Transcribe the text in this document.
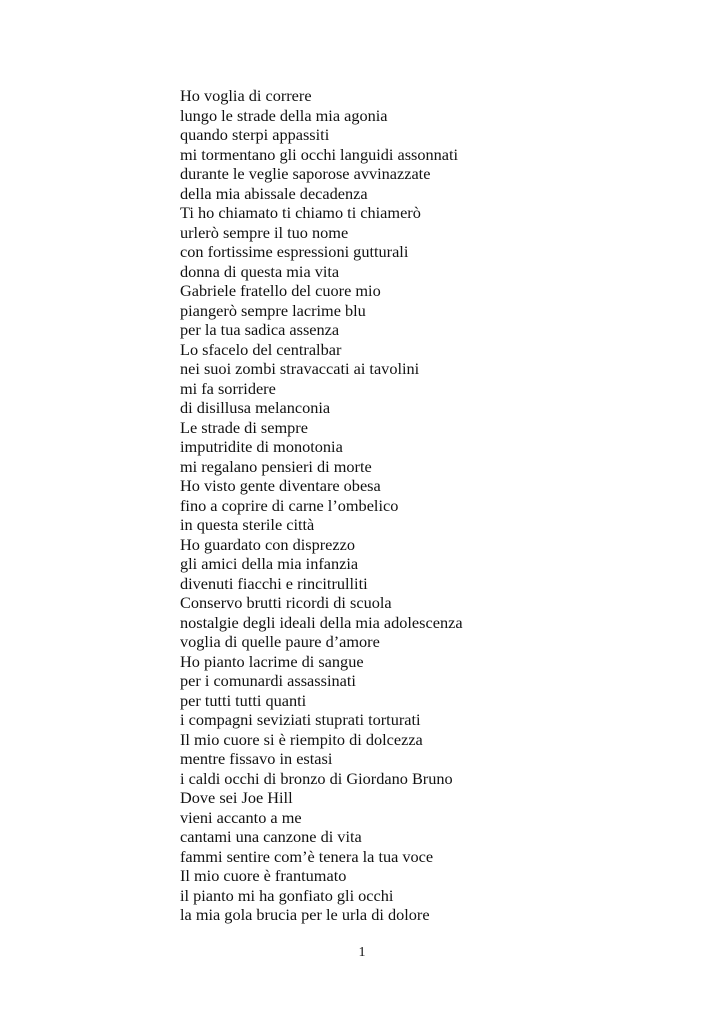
Ho voglia di correre
lungo le strade della mia agonia
quando sterpi appassiti
mi tormentano gli occhi languidi assonnati
durante le veglie saporose avvinazzate
della mia abissale decadenza
Ti ho chiamato ti chiamo ti chiamerò
urlerò sempre il tuo nome
con fortissime espressioni gutturali
donna di questa mia vita
Gabriele fratello del cuore mio
piangerò sempre lacrime blu
per la tua sadica assenza
Lo sfacelo del centralbar
nei suoi zombi stravaccati ai tavolini
mi fa sorridere
di disillusa melanconia
Le strade di sempre
imputridite di monotonia
mi regalano pensieri di morte
Ho visto gente diventare obesa
fino a coprire di carne l’ombelico
in questa sterile città
Ho guardato con disprezzo
gli amici della mia infanzia
divenuti fiacchi e rincitrulliti
Conservo brutti ricordi di scuola
nostalgie degli ideali della mia adolescenza
voglia di quelle paure d’amore
Ho pianto lacrime di sangue
per i comunardi assassinati
per tutti tutti quanti
i compagni seviziati stuprati torturati
Il mio cuore si è riempito di dolcezza
mentre fissavo in estasi
i caldi occhi di bronzo di Giordano Bruno
Dove sei Joe Hill
vieni accanto a me
cantami una canzone di vita
fammi sentire com’è tenera la tua voce
Il mio cuore è frantumato
il pianto mi ha gonfiato gli occhi
la mia gola brucia per le urla di dolore
1
